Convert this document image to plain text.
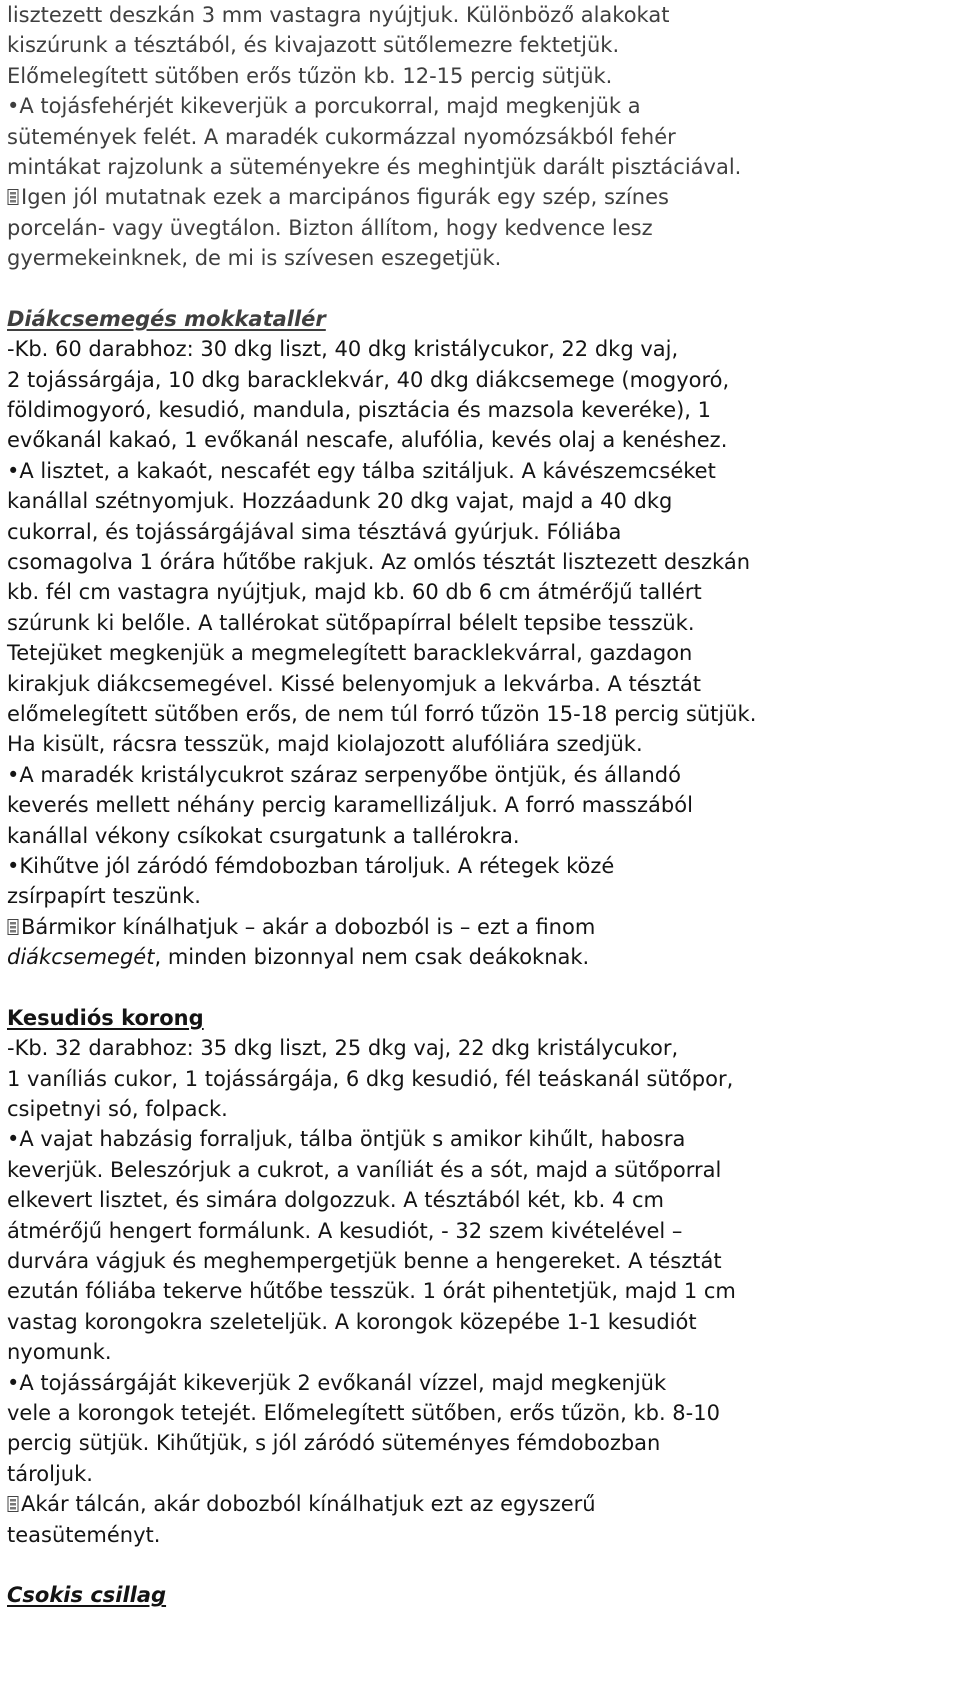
lisztezett deszkán 3 mm vastagra nyújtjuk. Különböző alakokat
kiszúrunk a tésztából, és kivajazott sütőlemezre fektetjük.
Előmelegített sütőben erős tűzön kb. 12-15 percig sütjük.
•A tojásfehérjét kikeverjük a porcukorral, majd megkenjük a
sütemények felét. A maradék cukormázzal nyomózsákból fehér
mintákat rajzolunk a süteményekre és meghintjük darált pisztáciával.
Igen jól mutatnak ezek a marcipános figurák egy szép, színes
porcelán- vagy üvegtálon. Bizton állítom, hogy kedvence lesz
gyermekeinknek, de mi is szívesen eszegetjük.
Diákcsemegés mokkatallér
-Kb. 60 darabhoz: 30 dkg liszt, 40 dkg kristálycukor, 22 dkg vaj,
2 tojássárgája, 10 dkg baracklekvár, 40 dkg diákcsemege (mogyoró,
földimogyoró, kesudió, mandula, pisztácia és mazsola keveréke), 1
evőkanál kakaó, 1 evőkanál nescafe, alufólia, kevés olaj a kenéshez.
•A lisztet, a kakaót, nescafét egy tálba szitáljuk. A kávészemcséket
kanállal szétnyomjuk. Hozzáadunk 20 dkg vajat, majd a 40 dkg
cukorral, és tojássárgájával sima tésztává gyúrjuk. Fóliába
csomagolva 1 órára hűtőbe rakjuk. Az omlós tésztát lisztezett deszkán
kb. fél cm vastagra nyújtjuk, majd kb. 60 db 6 cm átmérőjű tallért
szúrunk ki belőle. A tallérokat sütőpapírral bélelt tepsibe tesszük.
Tetejüket megkenjük a megmelegített baracklekvárral, gazdagon
kirakjuk diákcsemegével. Kissé belenyomjuk a lekvárba. A tésztát
előmelegített sütőben erős, de nem túl forró tűzön 15-18 percig sütjük.
Ha kisült, rácsra tesszük, majd kiolajozott alufóliára szedjük.
•A maradék kristálycukrot száraz serpenyőbe öntjük, és állandó
keverés mellett néhány percig karamellizáljuk. A forró masszából
kanállal vékony csíkokat csurgatunk a tallérokra.
•Kihűtve jól záródó fémdobozban tároljuk. A rétegek közé
zsírpapírt teszünk.
Bármikor kínálhatjuk – akár a dobozból is – ezt a finom
diákcsemegét, minden bizonnyal nem csak deákoknak.
Kesudiós korong
-Kb. 32 darabhoz: 35 dkg liszt, 25 dkg vaj, 22 dkg kristálycukor,
1 vaníliás cukor, 1 tojássárgája, 6 dkg kesudió, fél teáskanál sütőpor,
csipetnyi só, folpack.
•A vajat habzásig forraljuk, tálba öntjük s amikor kihűlt, habosra
keverjük. Beleszórjuk a cukrot, a vaníliát és a sót, majd a sütőporral
elkevert lisztet, és simára dolgozzuk. A tésztából két, kb. 4 cm
átmérőjű hengert formálunk. A kesudiót, - 32 szem kivételével –
durvára vágjuk és meghempergetjük benne a hengereket. A tésztát
ezután fóliába tekerve hűtőbe tesszük. 1 órát pihentetjük, majd 1 cm
vastag korongokra szeleteljük. A korongok közepébe 1-1 kesudiót
nyomunk.
•A tojássárgáját kikeverjük 2 evőkanál vízzel, majd megkenjük
vele a korongok tetejét. Előmelegített sütőben, erős tűzön, kb. 8-10
percig sütjük. Kihűtjük, s jól záródó süteményes fémdobozban
tároljuk.
Akár tálcán, akár dobozból kínálhatjuk ezt az egyszerű
teasüteményt.
Csokis csillag
